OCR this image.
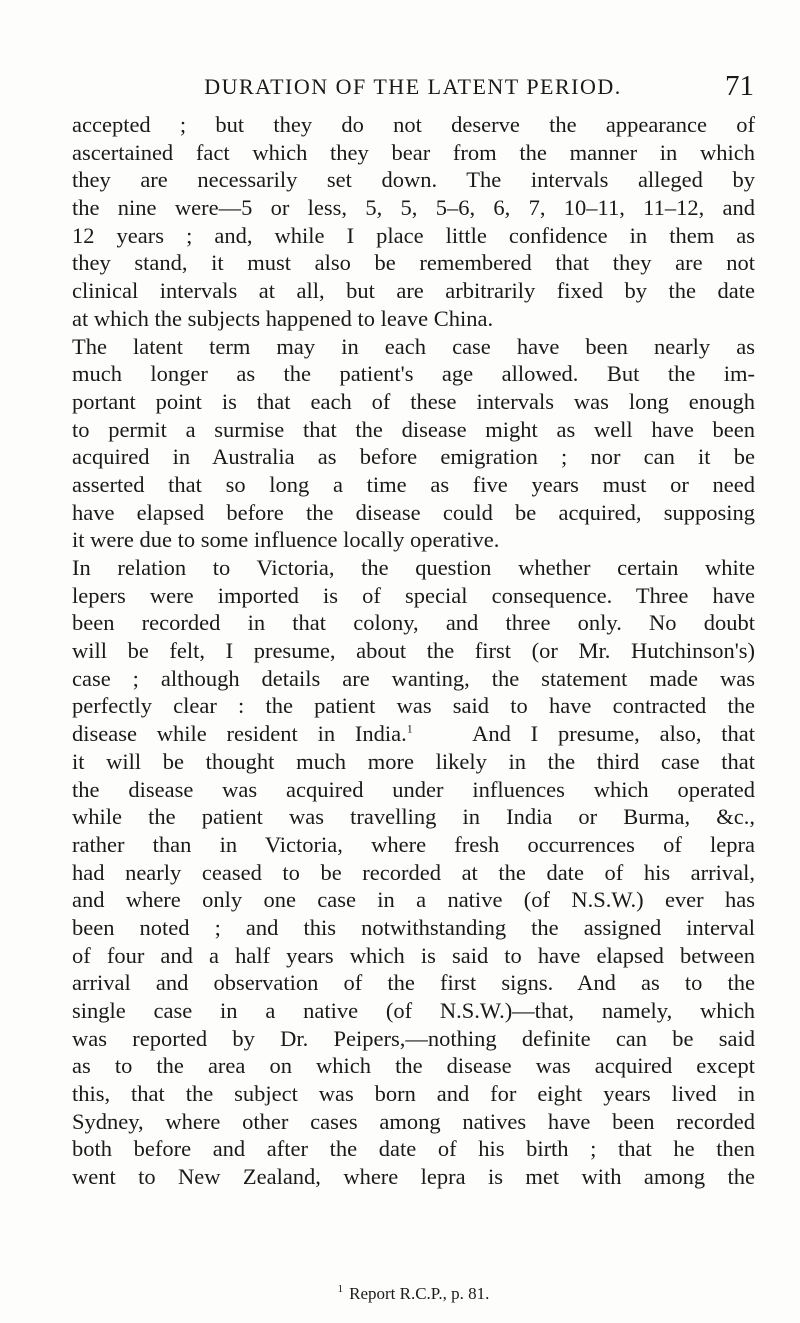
DURATION OF THE LATENT PERIOD.	71
accepted ; but they do not deserve the appearance of
ascertained fact which they bear from the manner in which
they are necessarily set down. The intervals alleged by
the nine were—5 or less, 5, 5, 5–6, 6, 7, 10–11, 11–12, and
12 years ; and, while I place little confidence in them as
they stand, it must also be remembered that they are not
clinical intervals at all, but are arbitrarily fixed by the date
at which the subjects happened to leave China.
The latent term may in each case have been nearly as
much longer as the patient's age allowed. But the im-
portant point is that each of these intervals was long enough
to permit a surmise that the disease might as well have been
acquired in Australia as before emigration ; nor can it be
asserted that so long a time as five years must or need
have elapsed before the disease could be acquired, supposing
it were due to some influence locally operative.
In relation to Victoria, the question whether certain white
lepers were imported is of special consequence. Three have
been recorded in that colony, and three only. No doubt
will be felt, I presume, about the first (or Mr. Hutchinson's)
case ; although details are wanting, the statement made was
perfectly clear : the patient was said to have contracted the
disease while resident in India.$^1$	And I presume, also, that
it will be thought much more likely in the third case that
the disease was acquired under influences which operated
while the patient was travelling in India or Burma, &c.,
rather than in Victoria, where fresh occurrences of lepra
had nearly ceased to be recorded at the date of his arrival,
and where only one case in a native (of N.S.W.) ever has
been noted ; and this notwithstanding the assigned interval
of four and a half years which is said to have elapsed between
arrival and observation of the first signs. And as to the
single case in a native (of N.S.W.)—that, namely, which
was reported by Dr. Peipers,—nothing definite can be said
as to the area on which the disease was acquired except
this, that the subject was born and for eight years lived in
Sydney, where other cases among natives have been recorded
both before and after the date of his birth ; that he then
went to New Zealand, where lepra is met with among the
$^1$ Report R.C.P., p. 81.
